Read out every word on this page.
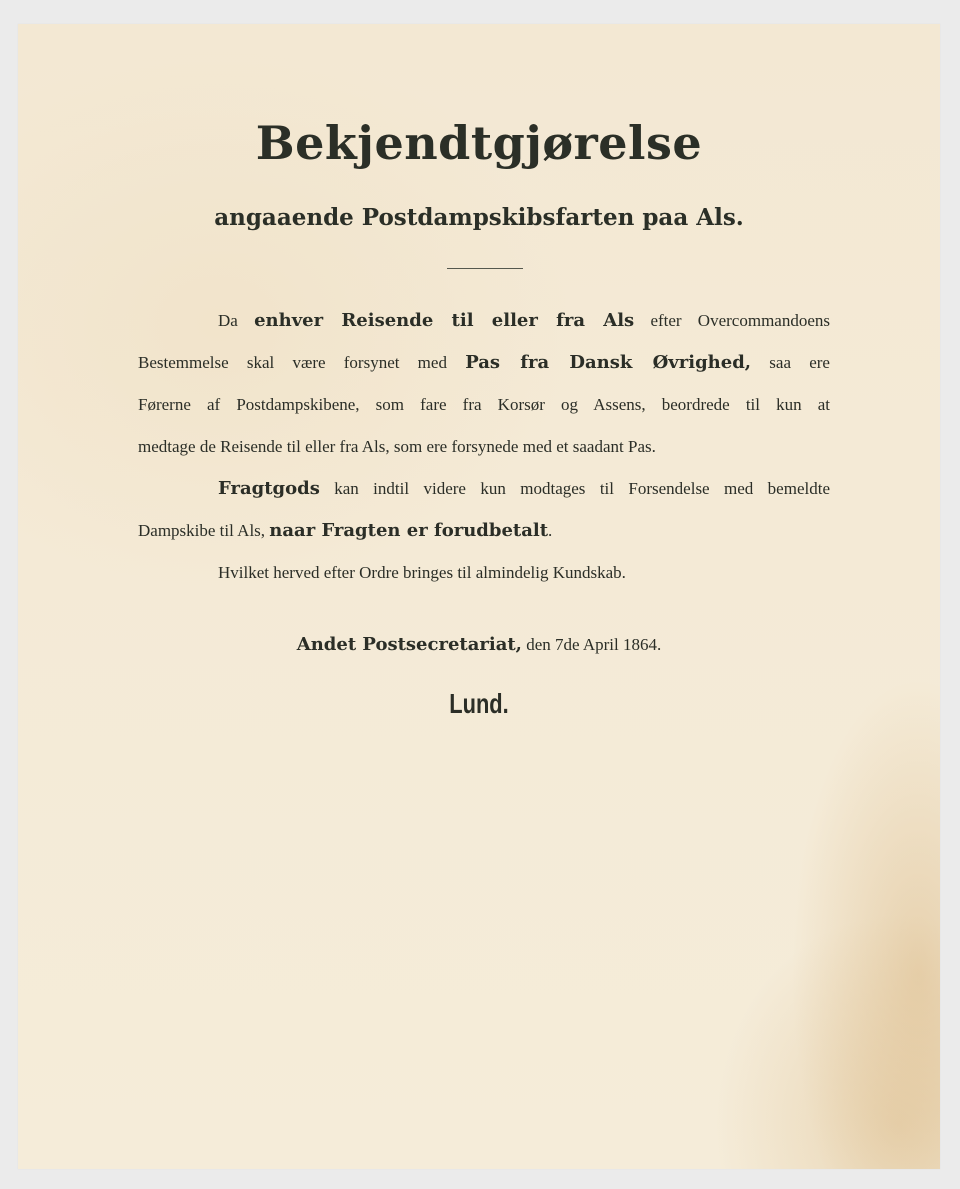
Bekjendtgjørelse
angaaende Postdampskibsfarten paa Als.
Da enhver Reisende til eller fra Als efter Overcommandoens
Bestemmelse skal være forsynet med Pas fra Dansk Øvrighed, saa ere
Førerne af Postdampskibene, som fare fra Korsør og Assens, beordrede til kun at
medtage de Reisende til eller fra Als, som ere forsynede med et saadant Pas.
Fragtgods kan indtil videre kun modtages til Forsendelse med bemeldte
Dampskibe til Als, naar Fragten er forudbetalt.
Hvilket herved efter Ordre bringes til almindelig Kundskab.
Andet Postsecretariat, den 7de April 1864.
Lund.
